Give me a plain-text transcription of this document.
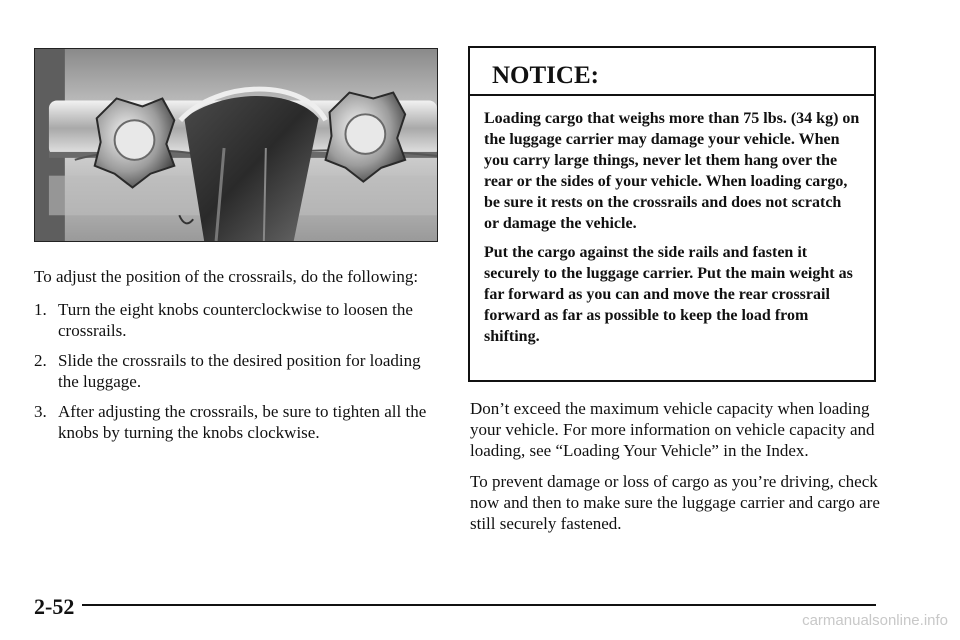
To adjust the position of the crossrails, do the following:

1. Turn the eight knobs counterclockwise to loosen the crossrails.
2. Slide the crossrails to the desired position for loading the luggage.
3. After adjusting the crossrails, be sure to tighten all the knobs by turning the knobs clockwise.
NOTICE:

Loading cargo that weighs more than 75 lbs. (34 kg) on the luggage carrier may damage your vehicle. When you carry large things, never let them hang over the rear or the sides of your vehicle. When loading cargo, be sure it rests on the crossrails and does not scratch or damage the vehicle.

Put the cargo against the side rails and fasten it securely to the luggage carrier. Put the main weight as far forward as you can and move the rear crossrail forward as far as possible to keep the load from shifting.

Don’t exceed the maximum vehicle capacity when loading your vehicle. For more information on vehicle capacity and loading, see “Loading Your Vehicle” in the Index.

To prevent damage or loss of cargo as you’re driving, check now and then to make sure the luggage carrier and cargo are still securely fastened.

2-52
carmanualsonline.info
